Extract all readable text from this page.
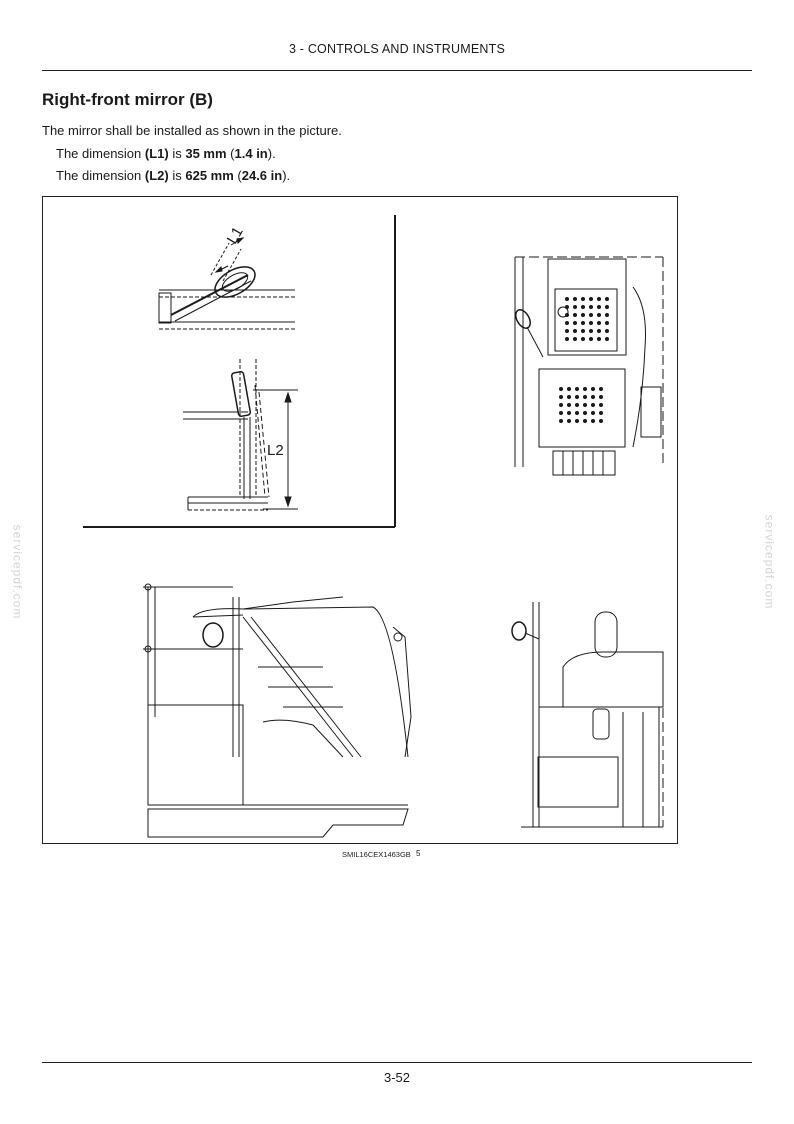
3 - CONTROLS AND INSTRUMENTS
Right-front mirror (B)
The mirror shall be installed as shown in the picture.
The dimension (L1) is 35 mm (1.4 in).
The dimension (L2) is 625 mm (24.6 in).
L1
L2
SMIL16CEX1463GB 5
servicepdf.com	servicepdf.com
3-52
